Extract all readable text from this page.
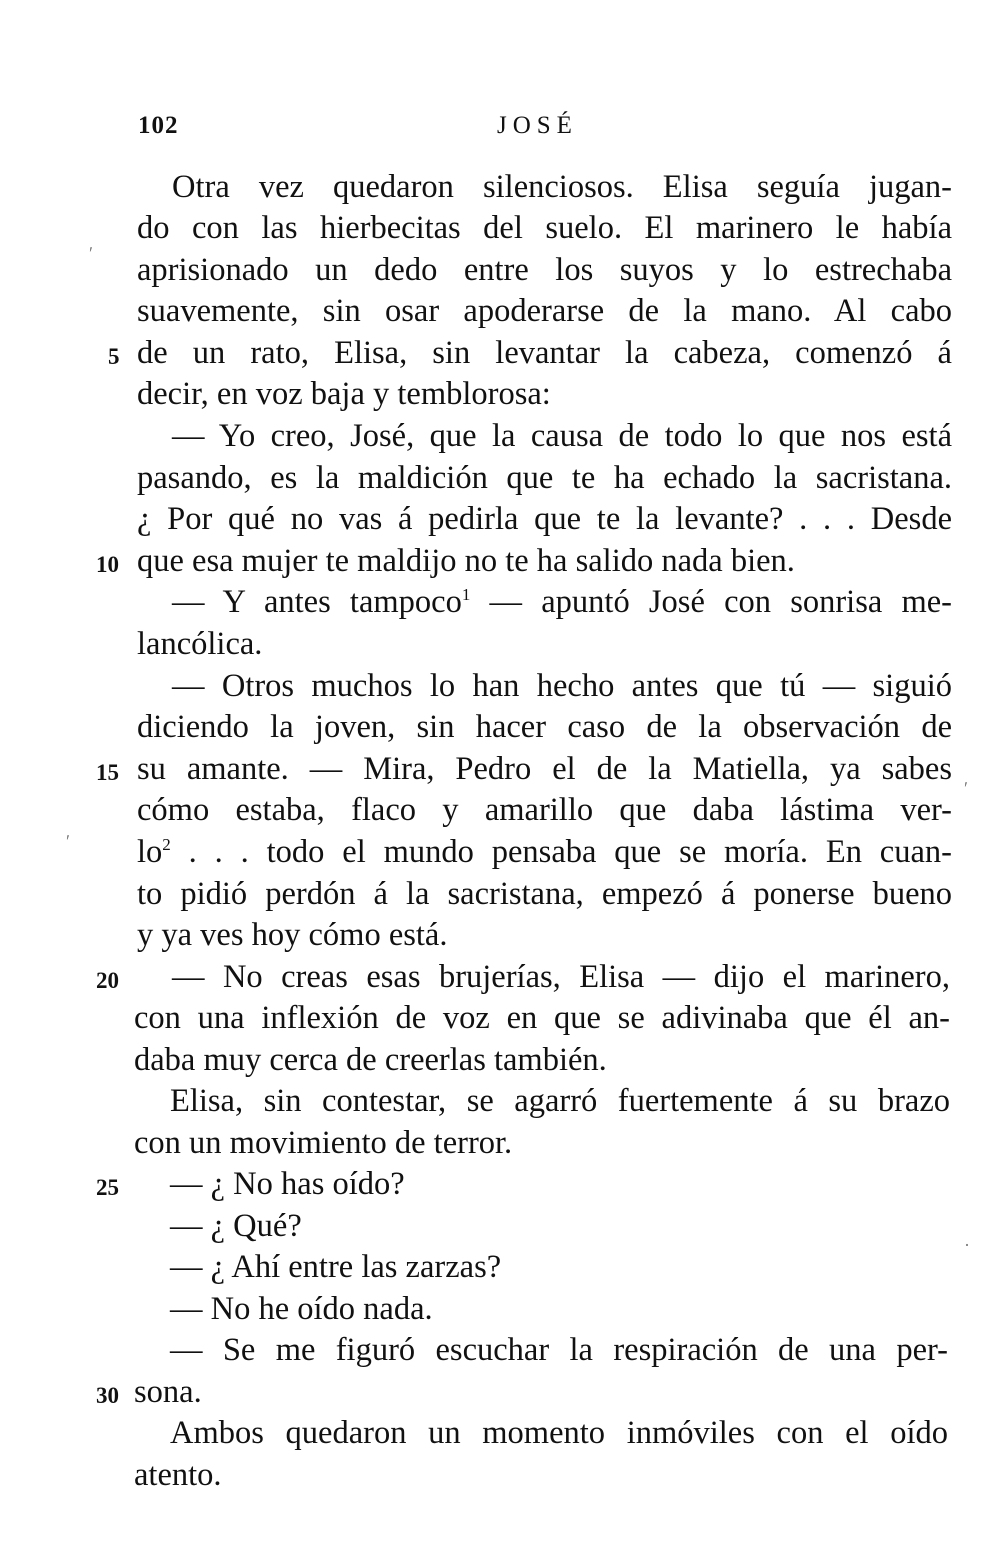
102	JOSÉ
Otra vez quedaron silenciosos. Elisa seguía jugan-
do con las hierbecitas del suelo. El marinero le había
aprisionado un dedo entre los suyos y lo estrechaba
suavemente, sin osar apoderarse de la mano. Al cabo
de un rato, Elisa, sin levantar la cabeza, comenzó á
decir, en voz baja y temblorosa:
— Yo creo, José, que la causa de todo lo que nos está
pasando, es la maldición que te ha echado la sacristana.
¿ Por qué no vas á pedirla que te la levante? . . . Desde
que esa mujer te maldijo no te ha salido nada bien.
— Y antes tampoco$^1$ — apuntó José con sonrisa me-
lancólica.
— Otros muchos lo han hecho antes que tú — siguió
diciendo la joven, sin hacer caso de la observación de
su amante. — Mira, Pedro el de la Matiella, ya sabes
cómo estaba, flaco y amarillo que daba lástima ver-
$lo^2$ . . . todo el mundo pensaba que se moría. En cuan-
to pidió perdón á la sacristana, empezó á ponerse bueno
y ya ves hoy cómo está.
— No creas esas brujerías, Elisa — dijo el marinero,
con una inflexión de voz en que se adivinaba que él an-
daba muy cerca de creerlas también.
Elisa, sin contestar, se agarró fuertemente á su brazo
con un movimiento de terror.
— ¿ No has oído?
— ¿ Qué?
— ¿ Ahí entre las zarzas?
— No he oído nada.
— Se me figuró escuchar la respiración de una per-
sona.
Ambos quedaron un momento inmóviles con el oído
atento.
5
10
15
20
25
30
ʹ
ʹ
ʹ
·
